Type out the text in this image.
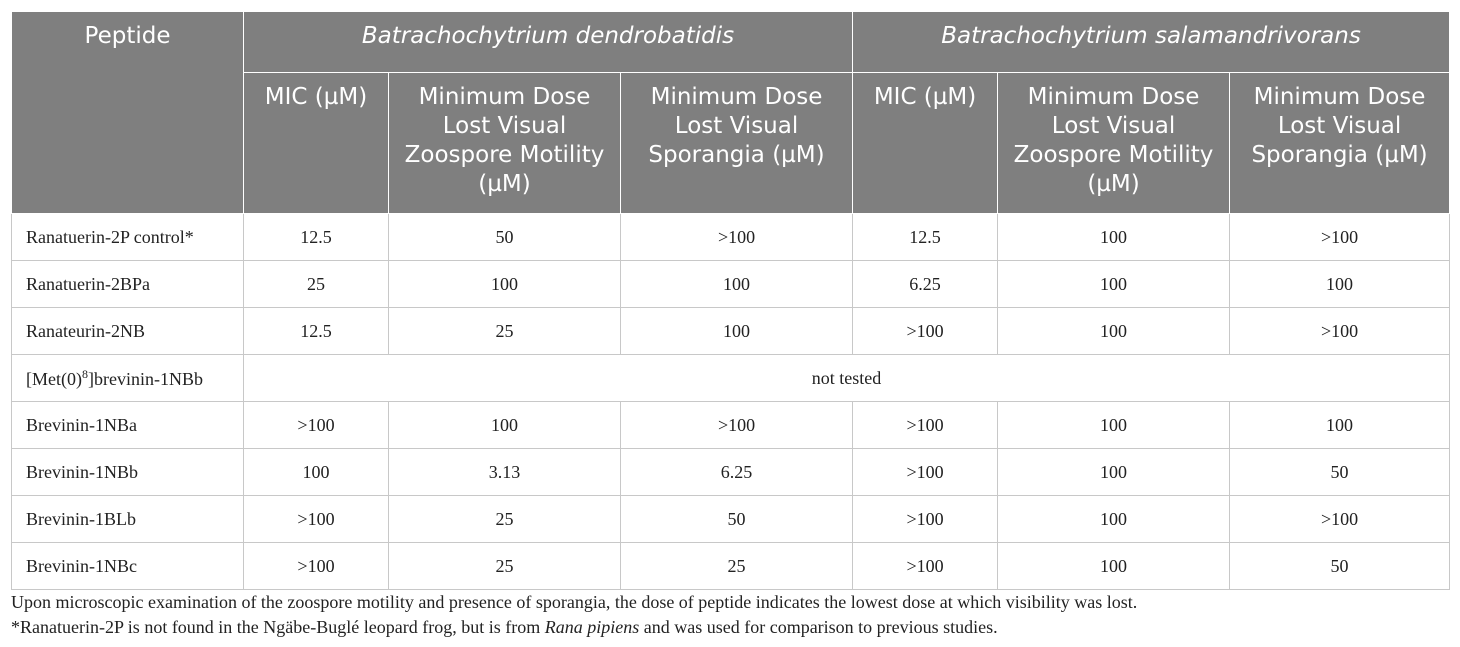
Peptide	Batrachochytrium dendrobatidis			Batrachochytrium salamandrivorans		
	MIC (µM)	Minimum Dose Lost Visual Zoospore Motility (µM)	Minimum Dose Lost Visual Sporangia (µM)	MIC (µM)	Minimum Dose Lost Visual Zoospore Motility (µM)	Minimum Dose Lost Visual Sporangia (µM)
Ranatuerin-2P control*	12.5	50	>100	12.5	100	>100
Ranatuerin-2BPa	25	100	100	6.25	100	100
Ranateurin-2NB	12.5	25	100	>100	100	>100
$[Met(0)^8]brevinin-1NBb$	not tested					
Brevinin-1NBa	>100	100	>100	>100	100	100
Brevinin-1NBb	100	3.13	6.25	>100	100	50
Brevinin-1BLb	>100	25	50	>100	100	>100
Brevinin-1NBc	>100	25	25	>100	100	50

Upon microscopic examination of the zoospore motility and presence of sporangia, the dose of peptide indicates the lowest dose at which visibility was lost.

*Ranatuerin-2P is not found in the Ngäbe-Buglé leopard frog, but is from Rana pipiens and was used for comparison to previous studies.
